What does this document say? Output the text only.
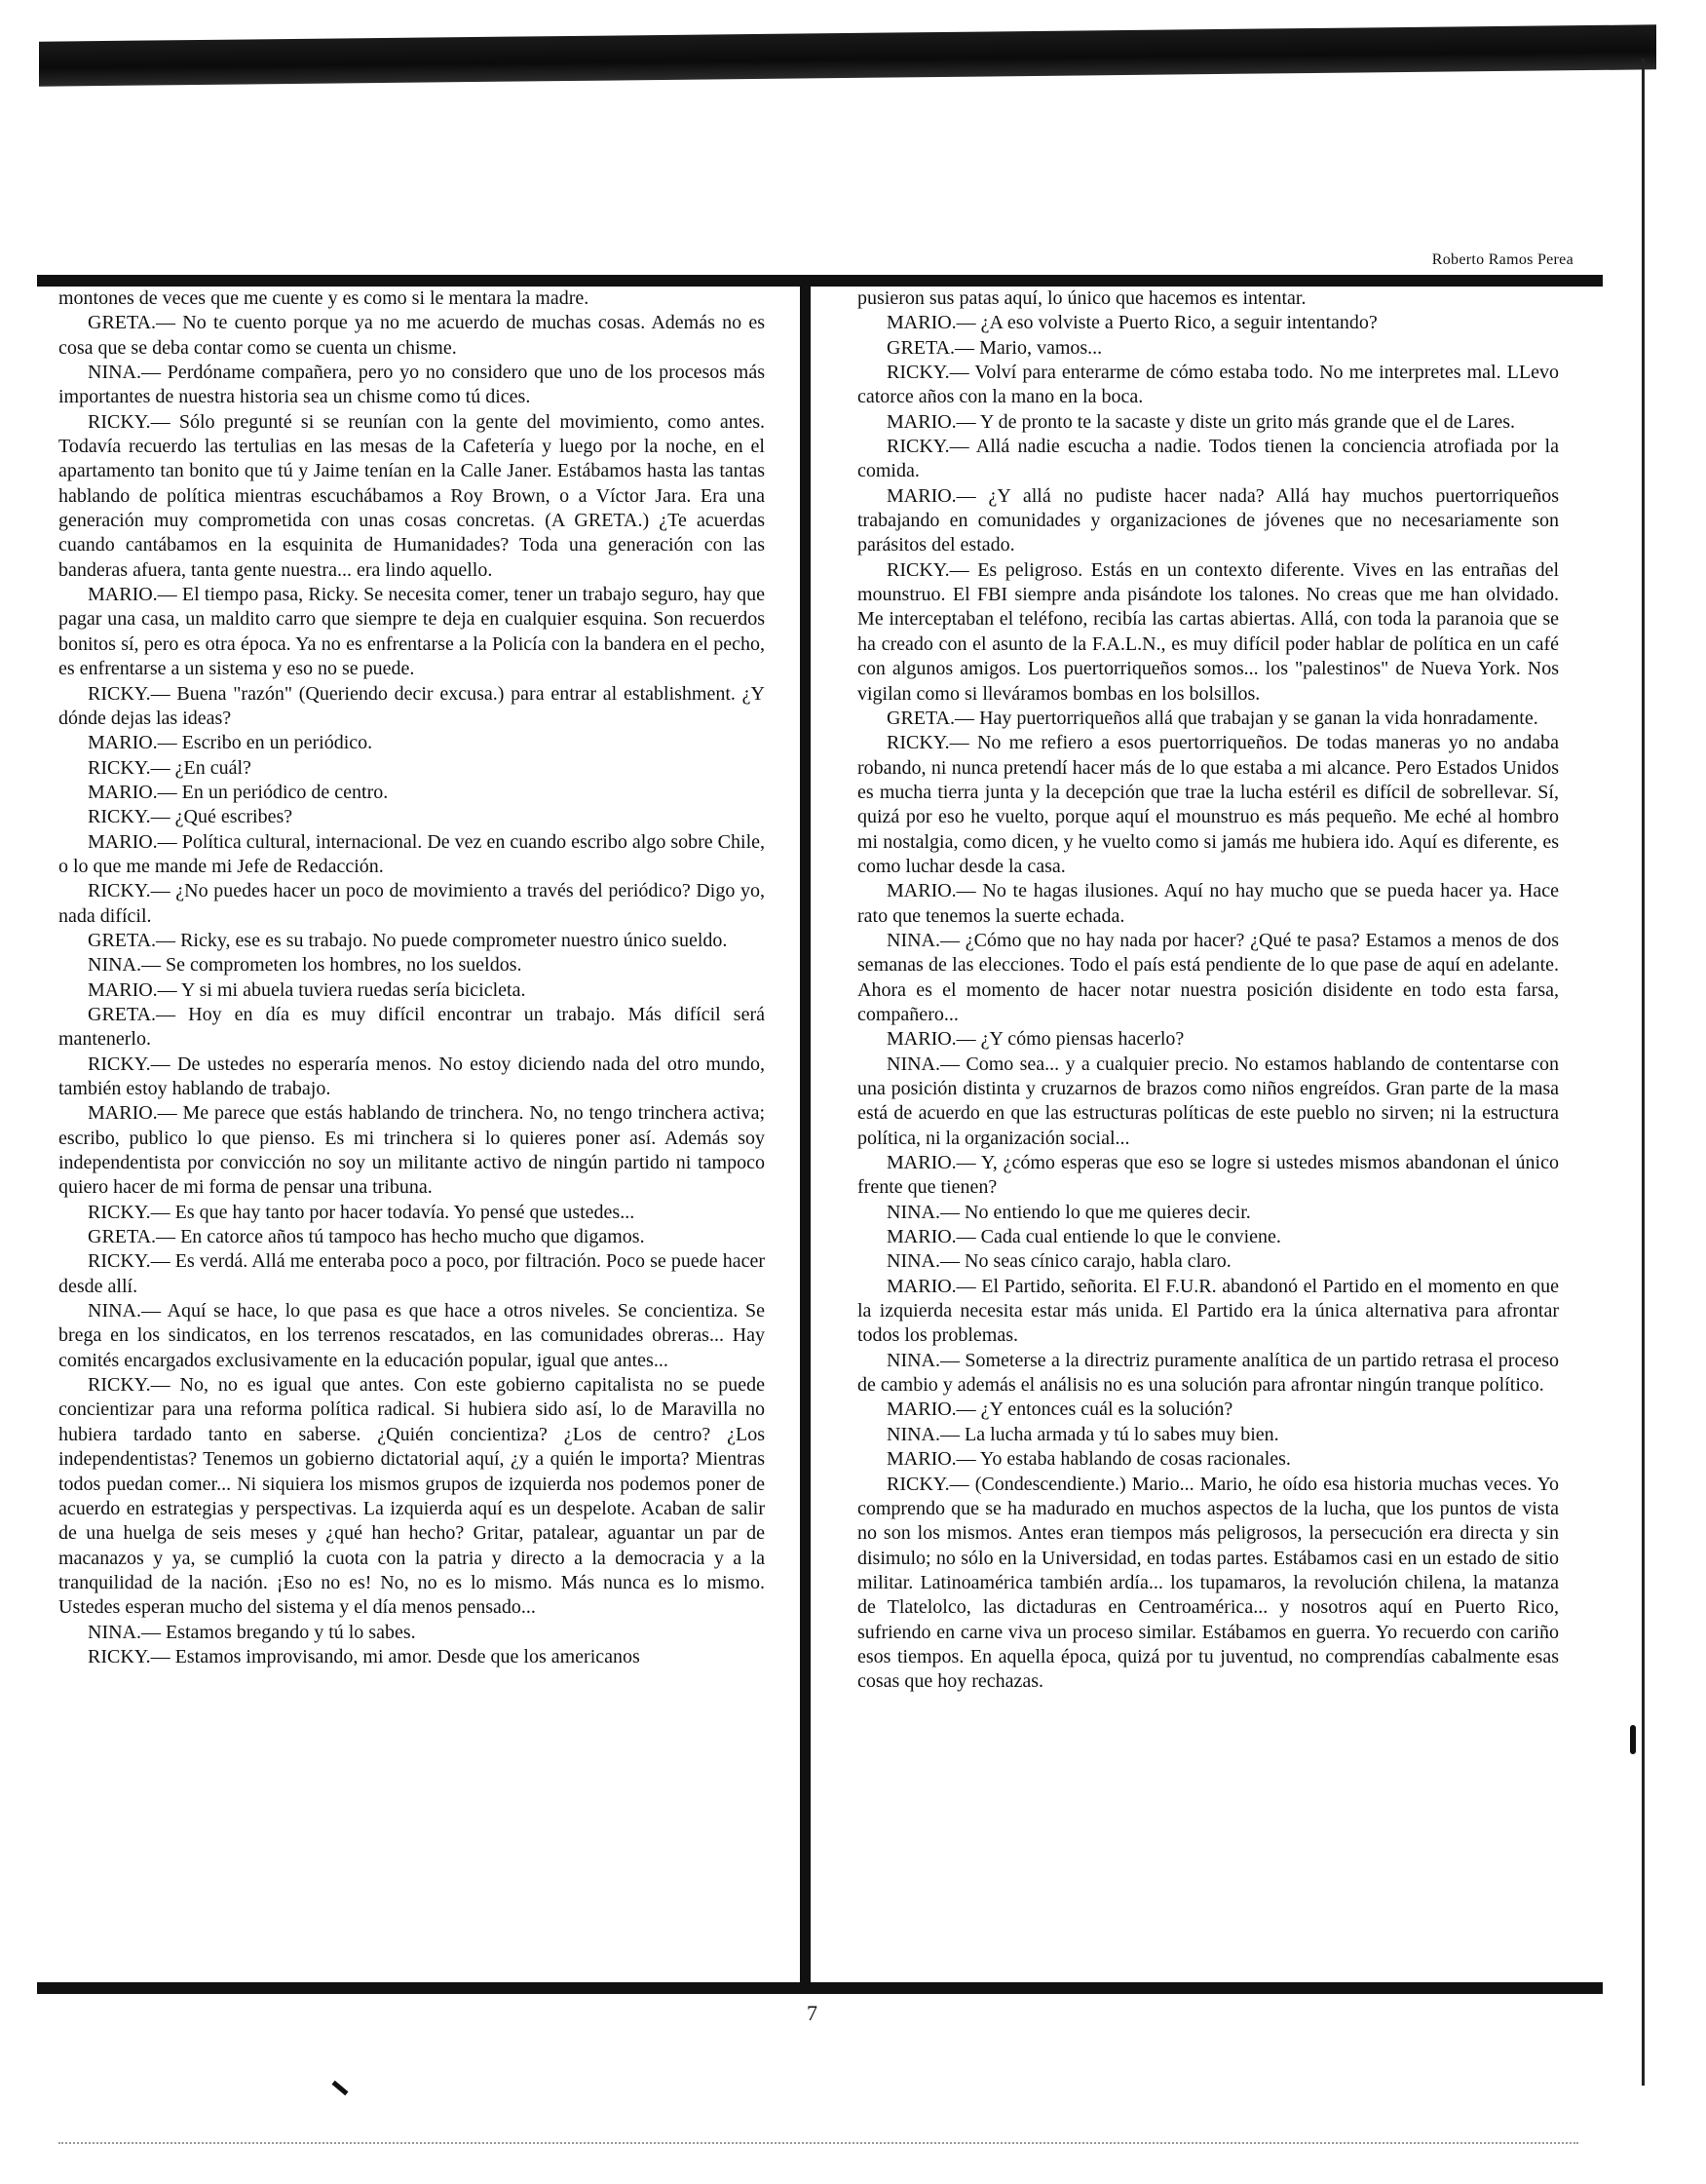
Roberto Ramos Perea

montones de veces que me cuente y es como si le mentara la madre.

GRETA.— No te cuento porque ya no me acuerdo de muchas cosas. Además no es cosa que se deba contar como se cuenta un chisme.

NINA.— Perdóname compañera, pero yo no considero que uno de los procesos más importantes de nuestra historia sea un chisme como tú dices.

RICKY.— Sólo pregunté si se reunían con la gente del movimiento, como antes. Todavía recuerdo las tertulias en las mesas de la Cafetería y luego por la noche, en el apartamento tan bonito que tú y Jaime tenían en la Calle Janer. Estábamos hasta las tantas hablando de política mientras escuchábamos a Roy Brown, o a Víctor Jara. Era una generación muy comprometida con unas cosas concretas. (A GRETA.) ¿Te acuerdas cuando cantábamos en la esquinita de Humanidades? Toda una generación con las banderas afuera, tanta gente nuestra... era lindo aquello.

MARIO.— El tiempo pasa, Ricky. Se necesita comer, tener un trabajo seguro, hay que pagar una casa, un maldito carro que siempre te deja en cualquier esquina. Son recuerdos bonitos sí, pero es otra época. Ya no es enfrentarse a la Policía con la bandera en el pecho, es enfrentarse a un sistema y eso no se puede.

RICKY.— Buena "razón" (Queriendo decir excusa.) para entrar al establishment. ¿Y dónde dejas las ideas?

MARIO.— Escribo en un periódico.

RICKY.— ¿En cuál?

MARIO.— En un periódico de centro.

RICKY.— ¿Qué escribes?

MARIO.— Política cultural, internacional. De vez en cuando escribo algo sobre Chile, o lo que me mande mi Jefe de Redacción.

RICKY.— ¿No puedes hacer un poco de movimiento a través del periódico? Digo yo, nada difícil.

GRETA.— Ricky, ese es su trabajo. No puede comprometer nuestro único sueldo.

NINA.— Se comprometen los hombres, no los sueldos.

MARIO.— Y si mi abuela tuviera ruedas sería bicicleta.

GRETA.— Hoy en día es muy difícil encontrar un trabajo. Más difícil será mantenerlo.

RICKY.— De ustedes no esperaría menos. No estoy diciendo nada del otro mundo, también estoy hablando de trabajo.

MARIO.— Me parece que estás hablando de trinchera. No, no tengo trinchera activa; escribo, publico lo que pienso. Es mi trinchera si lo quieres poner así. Además soy independentista por convicción no soy un militante activo de ningún partido ni tampoco quiero hacer de mi forma de pensar una tribuna.

RICKY.— Es que hay tanto por hacer todavía. Yo pensé que ustedes...

GRETA.— En catorce años tú tampoco has hecho mucho que digamos.

RICKY.— Es verdá. Allá me enteraba poco a poco, por filtración. Poco se puede hacer desde allí.

NINA.— Aquí se hace, lo que pasa es que hace a otros niveles. Se concientiza. Se brega en los sindicatos, en los terrenos rescatados, en las comunidades obreras... Hay comités encargados exclusivamente en la educación popular, igual que antes...

RICKY.— No, no es igual que antes. Con este gobierno capitalista no se puede concientizar para una reforma política radical. Si hubiera sido así, lo de Maravilla no hubiera tardado tanto en saberse. ¿Quién concientiza? ¿Los de centro? ¿Los independentistas? Tenemos un gobierno dictatorial aquí, ¿y a quién le importa? Mientras todos puedan comer... Ni siquiera los mismos grupos de izquierda nos podemos poner de acuerdo en estrategias y perspectivas. La izquierda aquí es un despelote. Acaban de salir de una huelga de seis meses y ¿qué han hecho? Gritar, patalear, aguantar un par de macanazos y ya, se cumplió la cuota con la patria y directo a la democracia y a la tranquilidad de la nación. ¡Eso no es! No, no es lo mismo. Más nunca es lo mismo. Ustedes esperan mucho del sistema y el día menos pensado...

NINA.— Estamos bregando y tú lo sabes.

RICKY.— Estamos improvisando, mi amor. Desde que los americanos

pusieron sus patas aquí, lo único que hacemos es intentar.

MARIO.— ¿A eso volviste a Puerto Rico, a seguir intentando?

GRETA.— Mario, vamos...

RICKY.— Volví para enterarme de cómo estaba todo. No me interpretes mal. LLevo catorce años con la mano en la boca.

MARIO.— Y de pronto te la sacaste y diste un grito más grande que el de Lares.

RICKY.— Allá nadie escucha a nadie. Todos tienen la conciencia atrofiada por la comida.

MARIO.— ¿Y allá no pudiste hacer nada? Allá hay muchos puertorriqueños trabajando en comunidades y organizaciones de jóvenes que no necesariamente son parásitos del estado.

RICKY.— Es peligroso. Estás en un contexto diferente. Vives en las entrañas del mounstruo. El FBI siempre anda pisándote los talones. No creas que me han olvidado. Me interceptaban el teléfono, recibía las cartas abiertas. Allá, con toda la paranoia que se ha creado con el asunto de la F.A.L.N., es muy difícil poder hablar de política en un café con algunos amigos. Los puertorriqueños somos... los "palestinos" de Nueva York. Nos vigilan como si lleváramos bombas en los bolsillos.

GRETA.— Hay puertorriqueños allá que trabajan y se ganan la vida honradamente.

RICKY.— No me refiero a esos puertorriqueños. De todas maneras yo no andaba robando, ni nunca pretendí hacer más de lo que estaba a mi alcance. Pero Estados Unidos es mucha tierra junta y la decepción que trae la lucha estéril es difícil de sobrellevar. Sí, quizá por eso he vuelto, porque aquí el mounstruo es más pequeño. Me eché al hombro mi nostalgia, como dicen, y he vuelto como si jamás me hubiera ido. Aquí es diferente, es como luchar desde la casa.

MARIO.— No te hagas ilusiones. Aquí no hay mucho que se pueda hacer ya. Hace rato que tenemos la suerte echada.

NINA.— ¿Cómo que no hay nada por hacer? ¿Qué te pasa? Estamos a menos de dos semanas de las elecciones. Todo el país está pendiente de lo que pase de aquí en adelante. Ahora es el momento de hacer notar nuestra posición disidente en todo esta farsa, compañero...

MARIO.— ¿Y cómo piensas hacerlo?

NINA.— Como sea... y a cualquier precio. No estamos hablando de contentarse con una posición distinta y cruzarnos de brazos como niños engreídos. Gran parte de la masa está de acuerdo en que las estructuras políticas de este pueblo no sirven; ni la estructura política, ni la organización social...

MARIO.— Y, ¿cómo esperas que eso se logre si ustedes mismos abandonan el único frente que tienen?

NINA.— No entiendo lo que me quieres decir.

MARIO.— Cada cual entiende lo que le conviene.

NINA.— No seas cínico carajo, habla claro.

MARIO.— El Partido, señorita. El F.U.R. abandonó el Partido en el momento en que la izquierda necesita estar más unida. El Partido era la única alternativa para afrontar todos los problemas.

NINA.— Someterse a la directriz puramente analítica de un partido retrasa el proceso de cambio y además el análisis no es una solución para afrontar ningún tranque político.

MARIO.— ¿Y entonces cuál es la solución?

NINA.— La lucha armada y tú lo sabes muy bien.

MARIO.— Yo estaba hablando de cosas racionales.

RICKY.— (Condescendiente.) Mario... Mario, he oído esa historia muchas veces. Yo comprendo que se ha madurado en muchos aspectos de la lucha, que los puntos de vista no son los mismos. Antes eran tiempos más peligrosos, la persecución era directa y sin disimulo; no sólo en la Universidad, en todas partes. Estábamos casi en un estado de sitio militar. Latinoamérica también ardía... los tupamaros, la revolución chilena, la matanza de Tlatelolco, las dictaduras en Centroamérica... y nosotros aquí en Puerto Rico, sufriendo en carne viva un proceso similar. Estábamos en guerra. Yo recuerdo con cariño esos tiempos. En aquella época, quizá por tu juventud, no comprendías cabalmente esas cosas que hoy rechazas.

7
